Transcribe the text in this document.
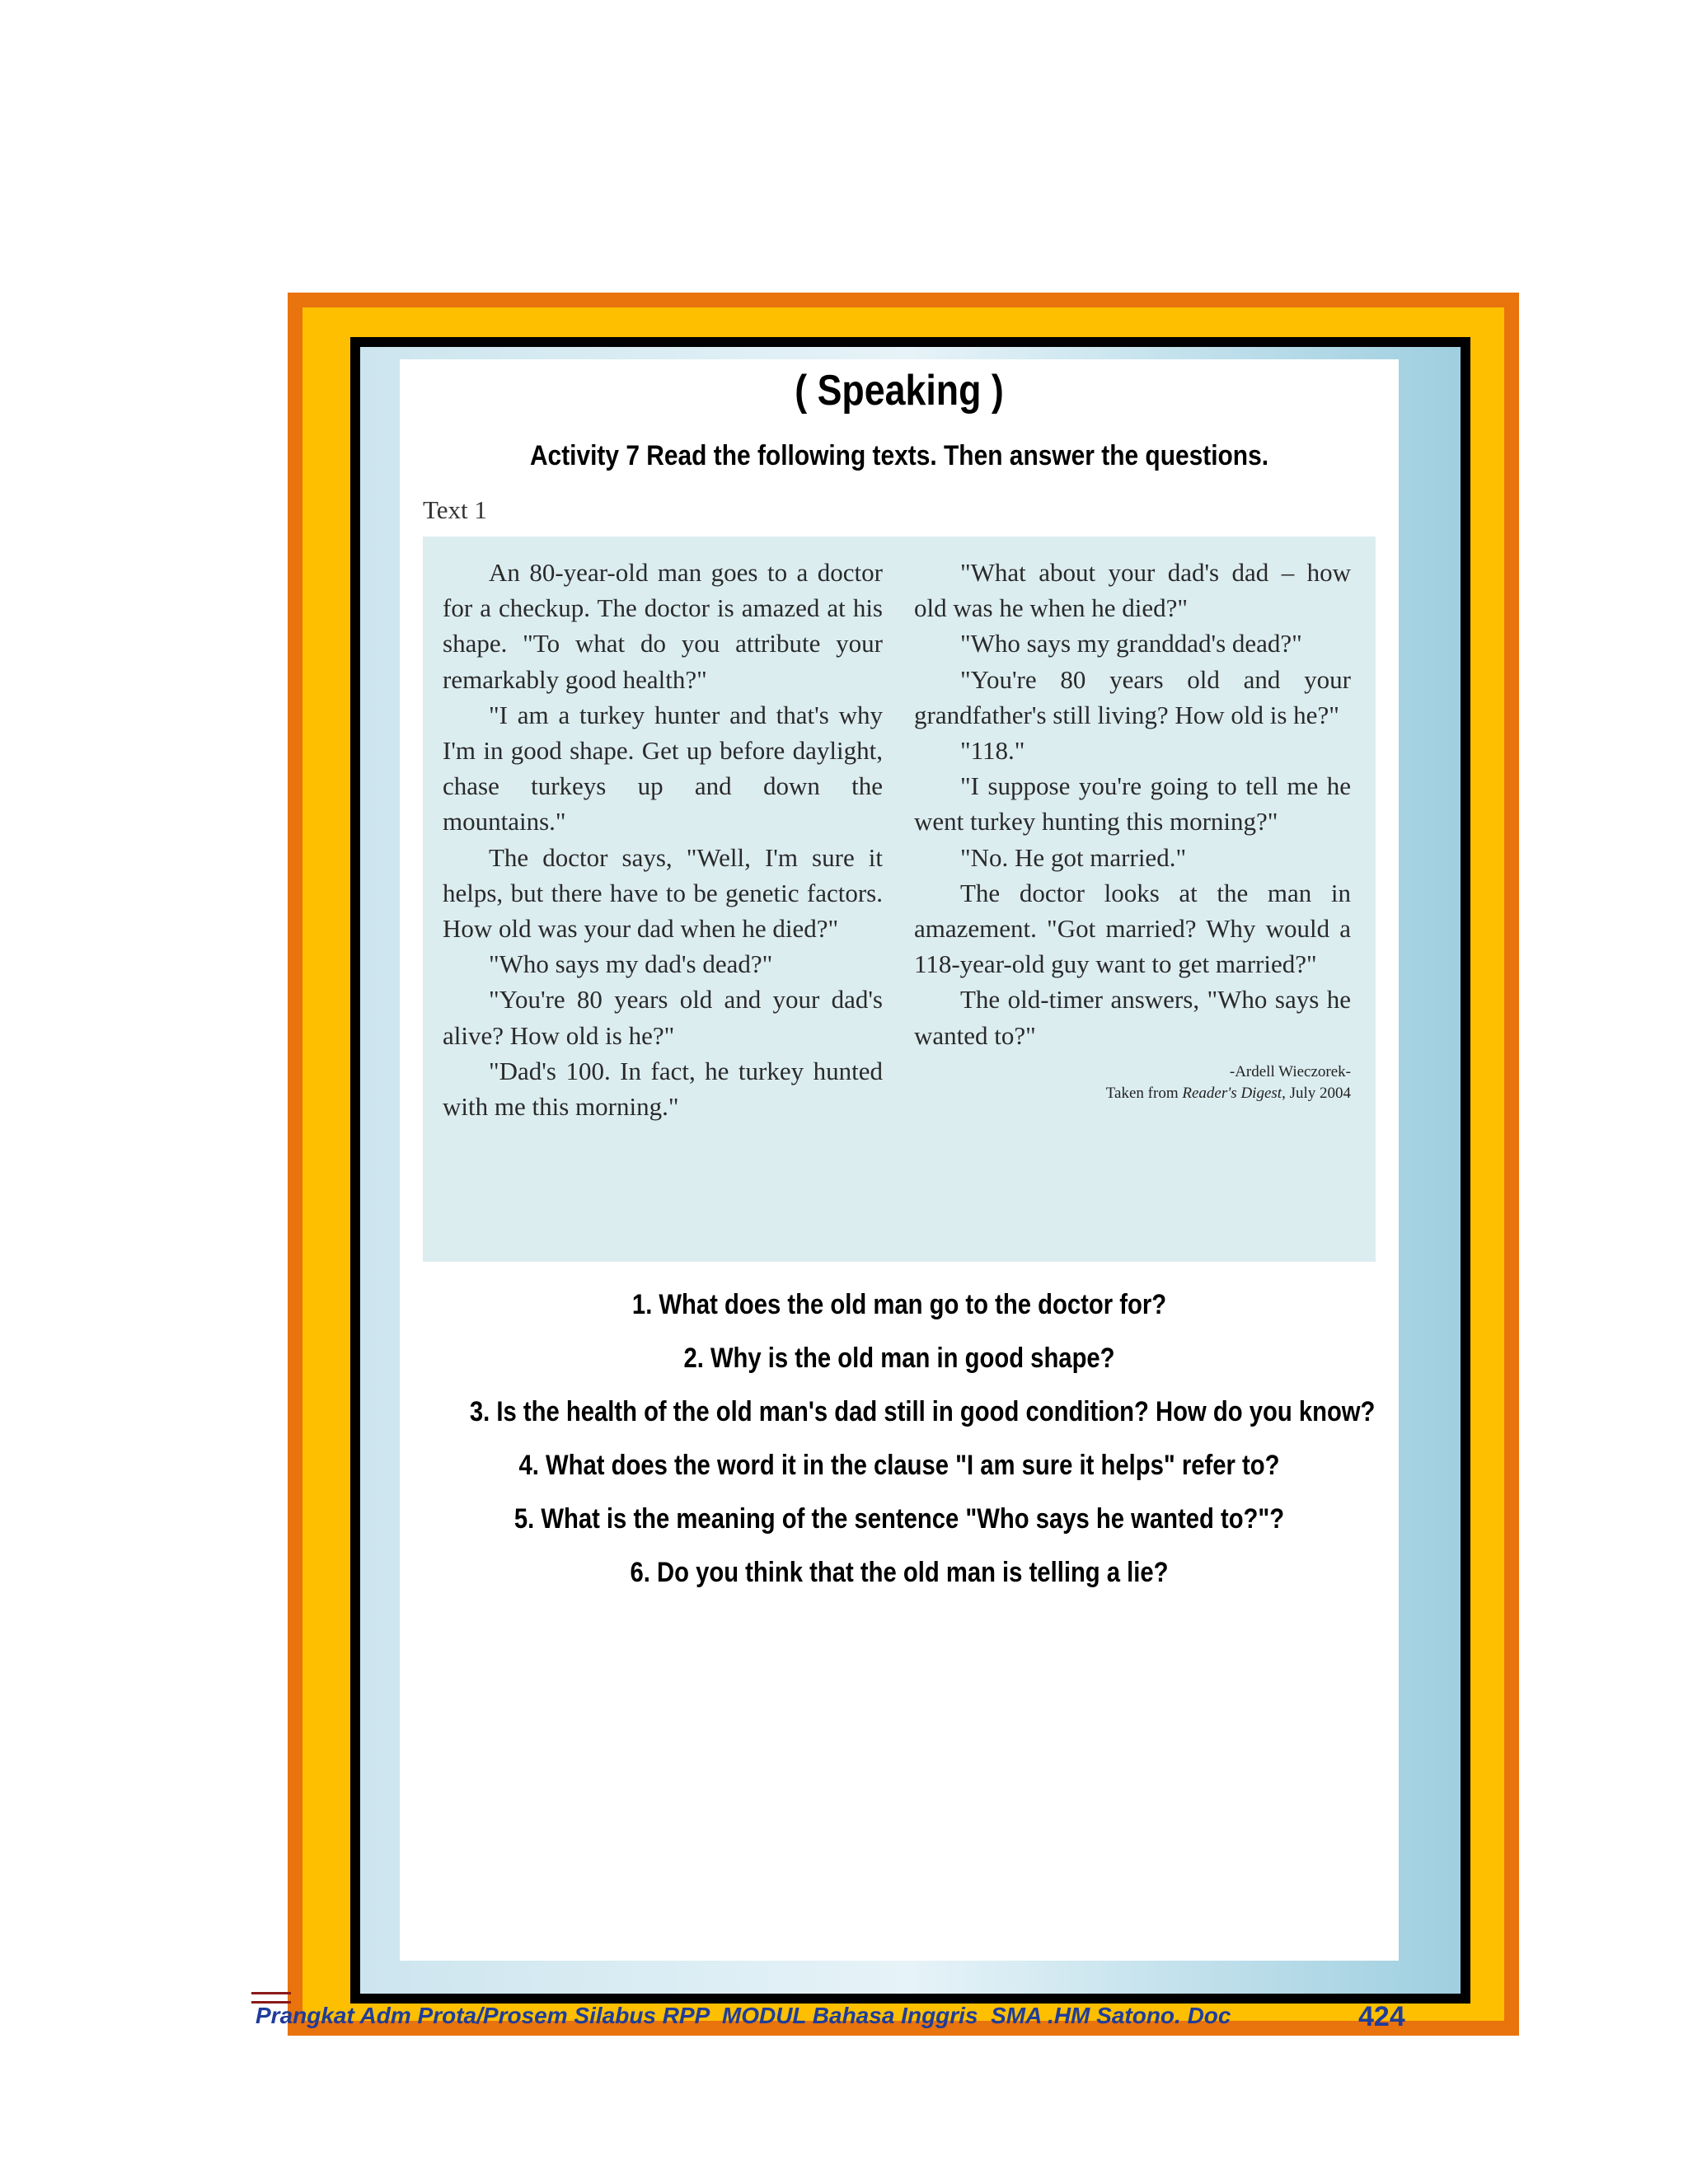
( Speaking )
Activity 7 Read the following texts. Then answer the questions.
Text 1

An 80-year-old man goes to a doctor for a checkup. The doctor is amazed at his shape. "To what do you attribute your remarkably good health?"

"I am a turkey hunter and that's why I'm in good shape. Get up before daylight, chase turkeys up and down the mountains."

The doctor says, "Well, I'm sure it helps, but there have to be genetic factors. How old was your dad when he died?"

"Who says my dad's dead?"

"You're 80 years old and your dad's alive? How old is he?"

"Dad's 100. In fact, he turkey hunted with me this morning."

"What about your dad's dad – how old was he when he died?"

"Who says my granddad's dead?"

"You're 80 years old and your grandfather's still living? How old is he?"

"118."

"I suppose you're going to tell me he went turkey hunting this morning?"

"No. He got married."

The doctor looks at the man in amazement. "Got married? Why would a 118-year-old guy want to get married?"

The old-timer answers, "Who says he wanted to?"

-Ardell Wieczorek-
Taken from Reader's Digest, July 2004
1. What does the old man go to the doctor for?
2. Why is the old man in good shape?
3. Is the health of the old man's dad still in good condition? How do you know?
4. What does the word it in the clause "I am sure it helps" refer to?
5. What is the meaning of the sentence "Who says he wanted to?"?
6. Do you think that the old man is telling a lie?
Prangkat Adm Prota/Prosem Silabus RPP  MODUL Bahasa Inggris  SMA .HM Satono. Doc	424
